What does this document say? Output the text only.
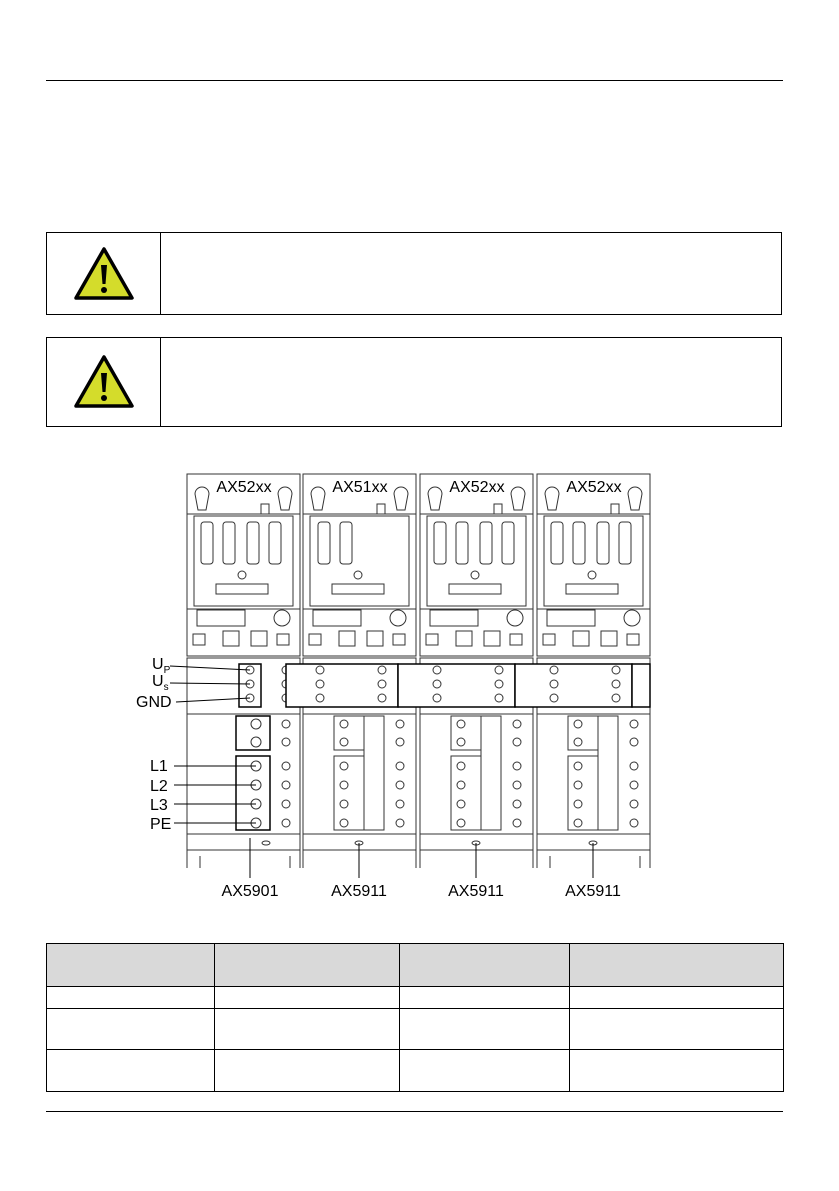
AX52xx	AX51xx	AX52xx	AX52xx
$U_P$
$U_s$
GND
L1
L2
L3
PE
AX5901	AX5911	AX5911	AX5911
